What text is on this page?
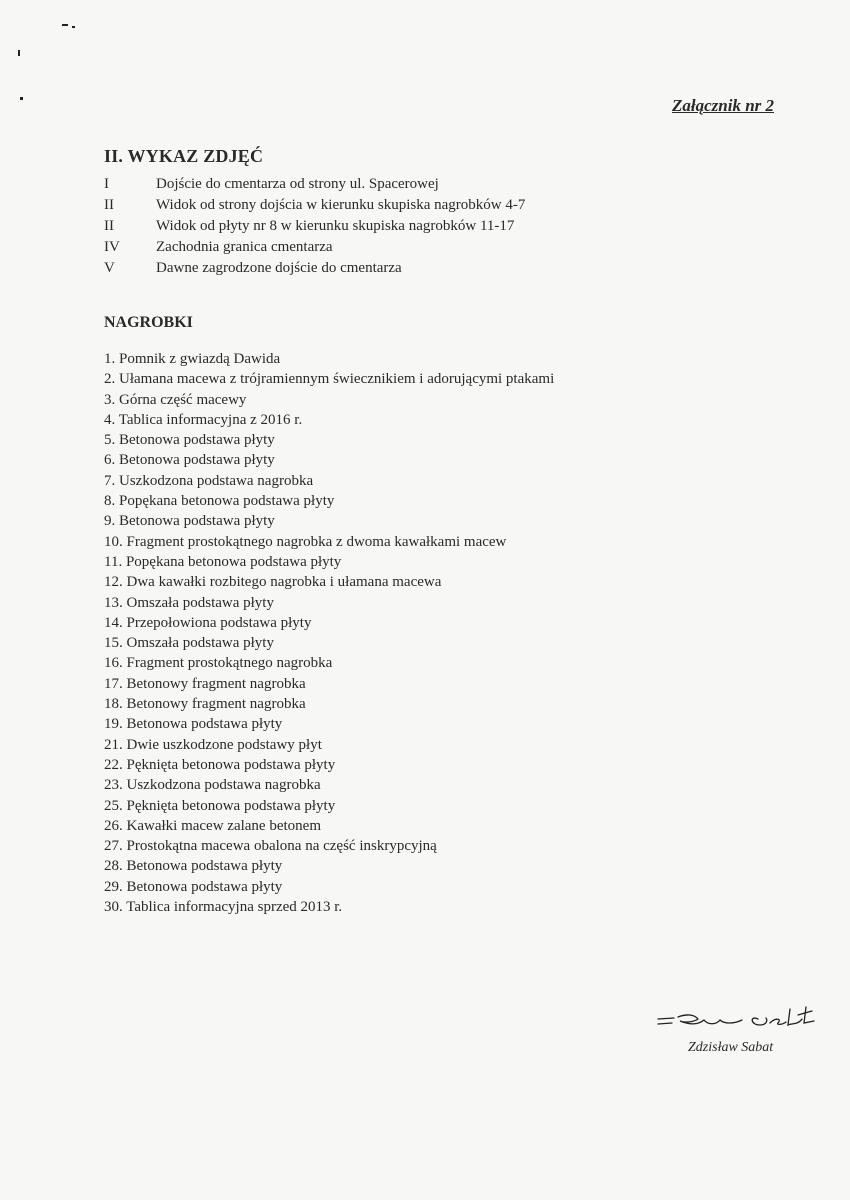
Załącznik nr 2
II. WYKAZ ZDJĘĆ
I	Dojście do cmentarza od strony ul. Spacerowej
II	Widok od strony dojścia w kierunku skupiska nagrobków 4-7
II	Widok od płyty nr 8 w kierunku skupiska nagrobków 11-17
IV Zachodnia granica cmentarza
V	Dawne zagrodzone dojście do cmentarza
NAGROBKI
1. Pomnik z gwiazdą Dawida
2. Ułamana macewa z trójramiennym świecznikiem i adorującymi ptakami
3. Górna część macewy
4. Tablica informacyjna z 2016 r.
5. Betonowa podstawa płyty
6. Betonowa podstawa płyty
7. Uszkodzona podstawa nagrobka
8. Popękana betonowa podstawa płyty
9. Betonowa podstawa płyty
10. Fragment prostokątnego nagrobka z dwoma kawałkami macew
11. Popękana betonowa podstawa płyty
12. Dwa kawałki rozbitego nagrobka i ułamana macewa
13. Omszała podstawa płyty
14. Przepołowiona podstawa płyty
15. Omszała podstawa płyty
16. Fragment prostokątnego nagrobka
17. Betonowy fragment nagrobka
18. Betonowy fragment nagrobka
19. Betonowa podstawa płyty
21. Dwie uszkodzone podstawy płyt
22. Pęknięta betonowa podstawa płyty
23. Uszkodzona podstawa nagrobka
25. Pęknięta betonowa podstawa płyty
26. Kawałki macew zalane betonem
27. Prostokątna macewa obalona na część inskrypcyjną
28. Betonowa podstawa płyty
29. Betonowa podstawa płyty
30. Tablica informacyjna sprzed 2013 r.
Zdzisław Sabat
